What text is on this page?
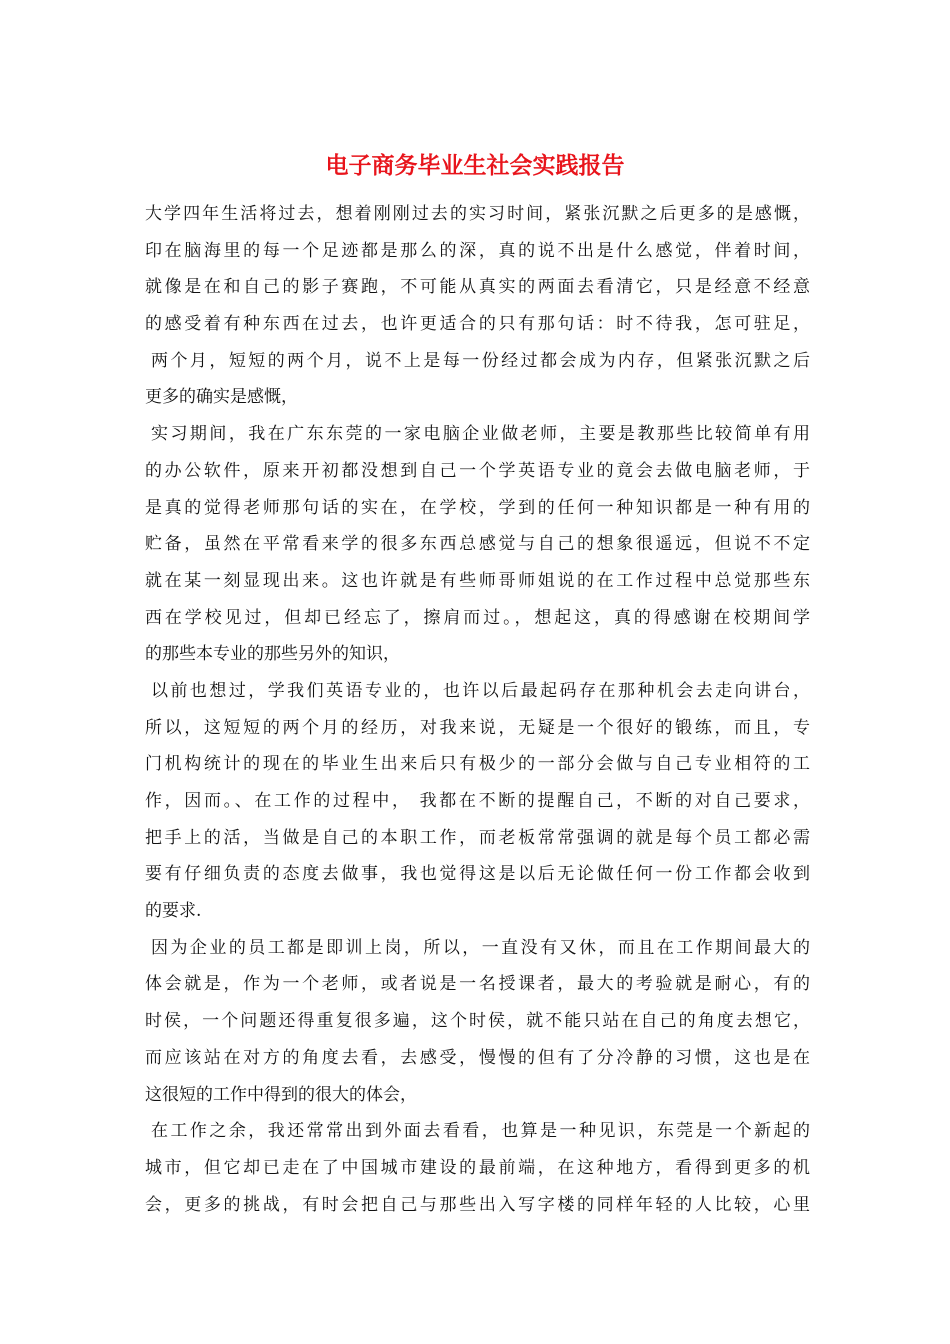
电子商务毕业生社会实践报告
大学四年生活将过去，想着刚刚过去的实习时间，紧张沉默之后更多的是感慨，
印在脑海里的每一个足迹都是那么的深，真的说不出是什么感觉，伴着时间，
就像是在和自己的影子赛跑，不可能从真实的两面去看清它，只是经意不经意
的感受着有种东西在过去，也许更适合的只有那句话：时不待我，怎可驻足，
两个月，短短的两个月，说不上是每一份经过都会成为内存，但紧张沉默之后
更多的确实是感慨，
实习期间，我在广东东莞的一家电脑企业做老师，主要是教那些比较简单有用
的办公软件，原来开初都没想到自己一个学英语专业的竟会去做电脑老师，于
是真的觉得老师那句话的实在，在学校，学到的任何一种知识都是一种有用的
贮备，虽然在平常看来学的很多东西总感觉与自己的想象很遥远，但说不不定
就在某一刻显现出来。这也许就是有些师哥师姐说的在工作过程中总觉那些东
西在学校见过，但却已经忘了，擦肩而过。，想起这，真的得感谢在校期间学
的那些本专业的那些另外的知识，
以前也想过，学我们英语专业的，也许以后最起码存在那种机会去走向讲台，
所以，这短短的两个月的经历，对我来说，无疑是一个很好的锻练，而且，专
门机构统计的现在的毕业生出来后只有极少的一部分会做与自己专业相符的工
作，因而。、在工作的过程中， 我都在不断的提醒自己，不断的对自己要求，
把手上的活，当做是自己的本职工作，而老板常常强调的就是每个员工都必需
要有仔细负责的态度去做事，我也觉得这是以后无论做任何一份工作都会收到
的要求.
因为企业的员工都是即训上岗，所以，一直没有又休，而且在工作期间最大的
体会就是，作为一个老师，或者说是一名授课者，最大的考验就是耐心，有的
时侯，一个问题还得重复很多遍，这个时侯，就不能只站在自己的角度去想它，
而应该站在对方的角度去看，去感受，慢慢的但有了分冷静的习惯，这也是在
这很短的工作中得到的很大的体会，
在工作之余，我还常常出到外面去看看，也算是一种见识，东莞是一个新起的
城市，但它却已走在了中国城市建设的最前端，在这种地方，看得到更多的机
会，更多的挑战，有时会把自己与那些出入写字楼的同样年轻的人比较，心里
